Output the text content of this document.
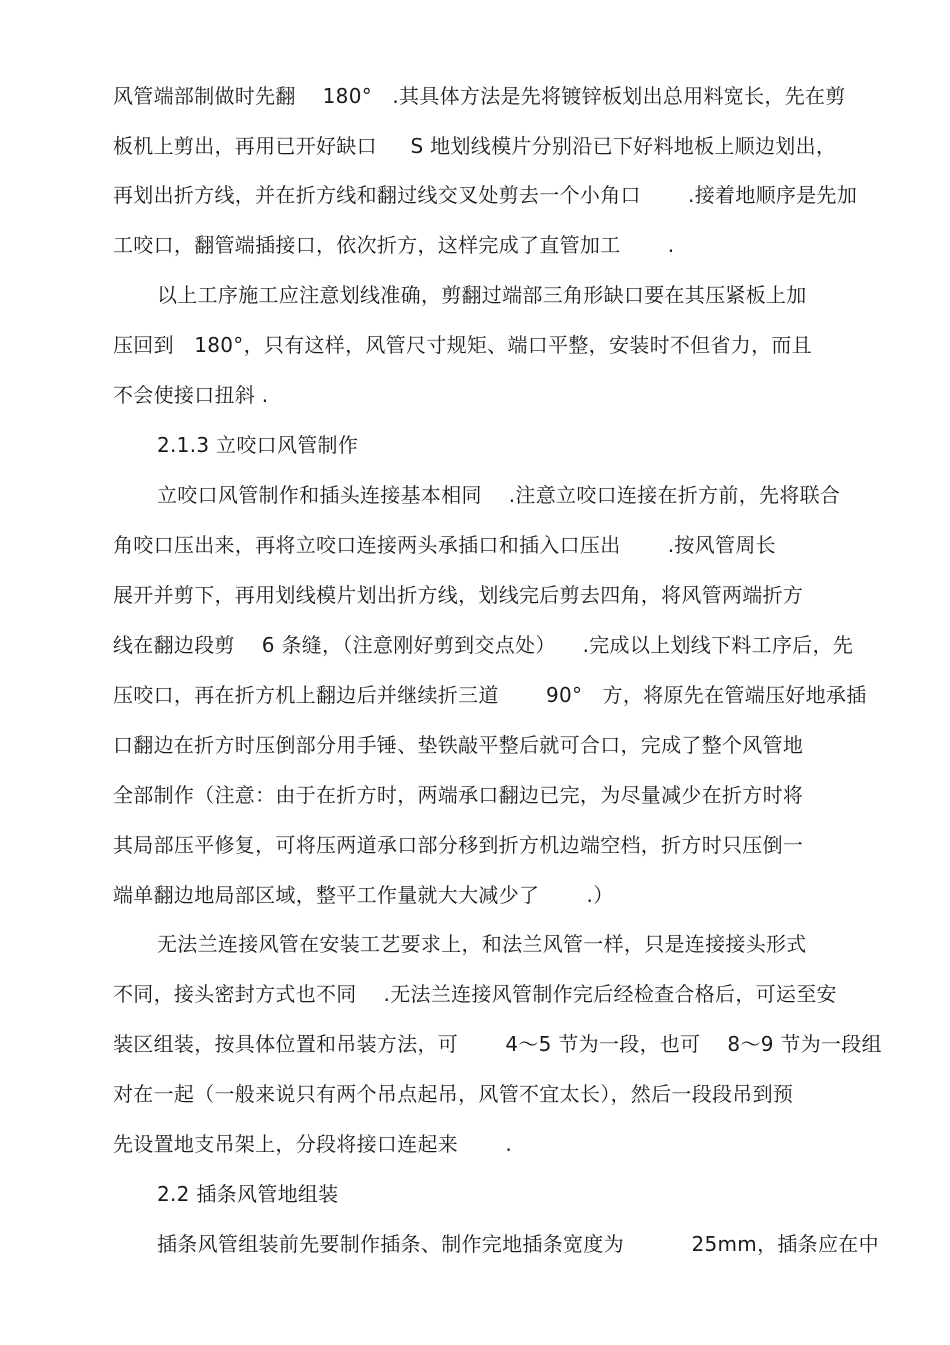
风管端部制做时先翻 　180°　.其具体方法是先将镀锌板划出总用料宽长，先在剪
板机上剪出，再用已开好缺口 　 S 地划线模片分别沿已下好料地板上顺边划出，
再划出折方线，并在折方线和翻过线交叉处剪去一个小角口 　　.接着地顺序是先加
工咬口，翻管端插接口，依次折方，这样完成了直管加工 　　.
以上工序施工应注意划线准确，剪翻过端部三角形缺口要在其压紧板上加
压回到　180°，只有这样，风管尺寸规矩、端口平整，安装时不但省力，而且
不会使接口扭斜 .
2.1.3 立咬口风管制作
立咬口风管制作和插头连接基本相同 　.注意立咬口连接在折方前，先将联合
角咬口压出来，再将立咬口连接两头承插口和插入口压出 　　.按风管周长
展开并剪下，再用划线模片划出折方线，划线完后剪去四角，将风管两端折方
线在翻边段剪 　6 条缝，（注意刚好剪到交点处） 　.完成以上划线下料工序后，先
压咬口，再在折方机上翻边后并继续折三道 　　90°　方，将原先在管端压好地承插
口翻边在折方时压倒部分用手锤、垫铁敲平整后就可合口，完成了整个风管地
全部制作（注意：由于在折方时，两端承口翻边已完，为尽量减少在折方时将
其局部压平修复，可将压两道承口部分移到折方机边端空档，折方时只压倒一
端单翻边地局部区域，整平工作量就大大减少了 　　.）
无法兰连接风管在安装工艺要求上，和法兰风管一样，只是连接接头形式
不同，接头密封方式也不同 　.无法兰连接风管制作完后经检查合格后，可运至安
装区组装，按具体位置和吊装方法，可 　　4～5 节为一段，也可 　8～9 节为一段组
对在一起（一般来说只有两个吊点起吊，风管不宜太长），然后一段段吊到预
先设置地支吊架上，分段将接口连起来 　　.
2.2 插条风管地组装
插条风管组装前先要制作插条、制作完地插条宽度为 　　　25mm，插条应在中
